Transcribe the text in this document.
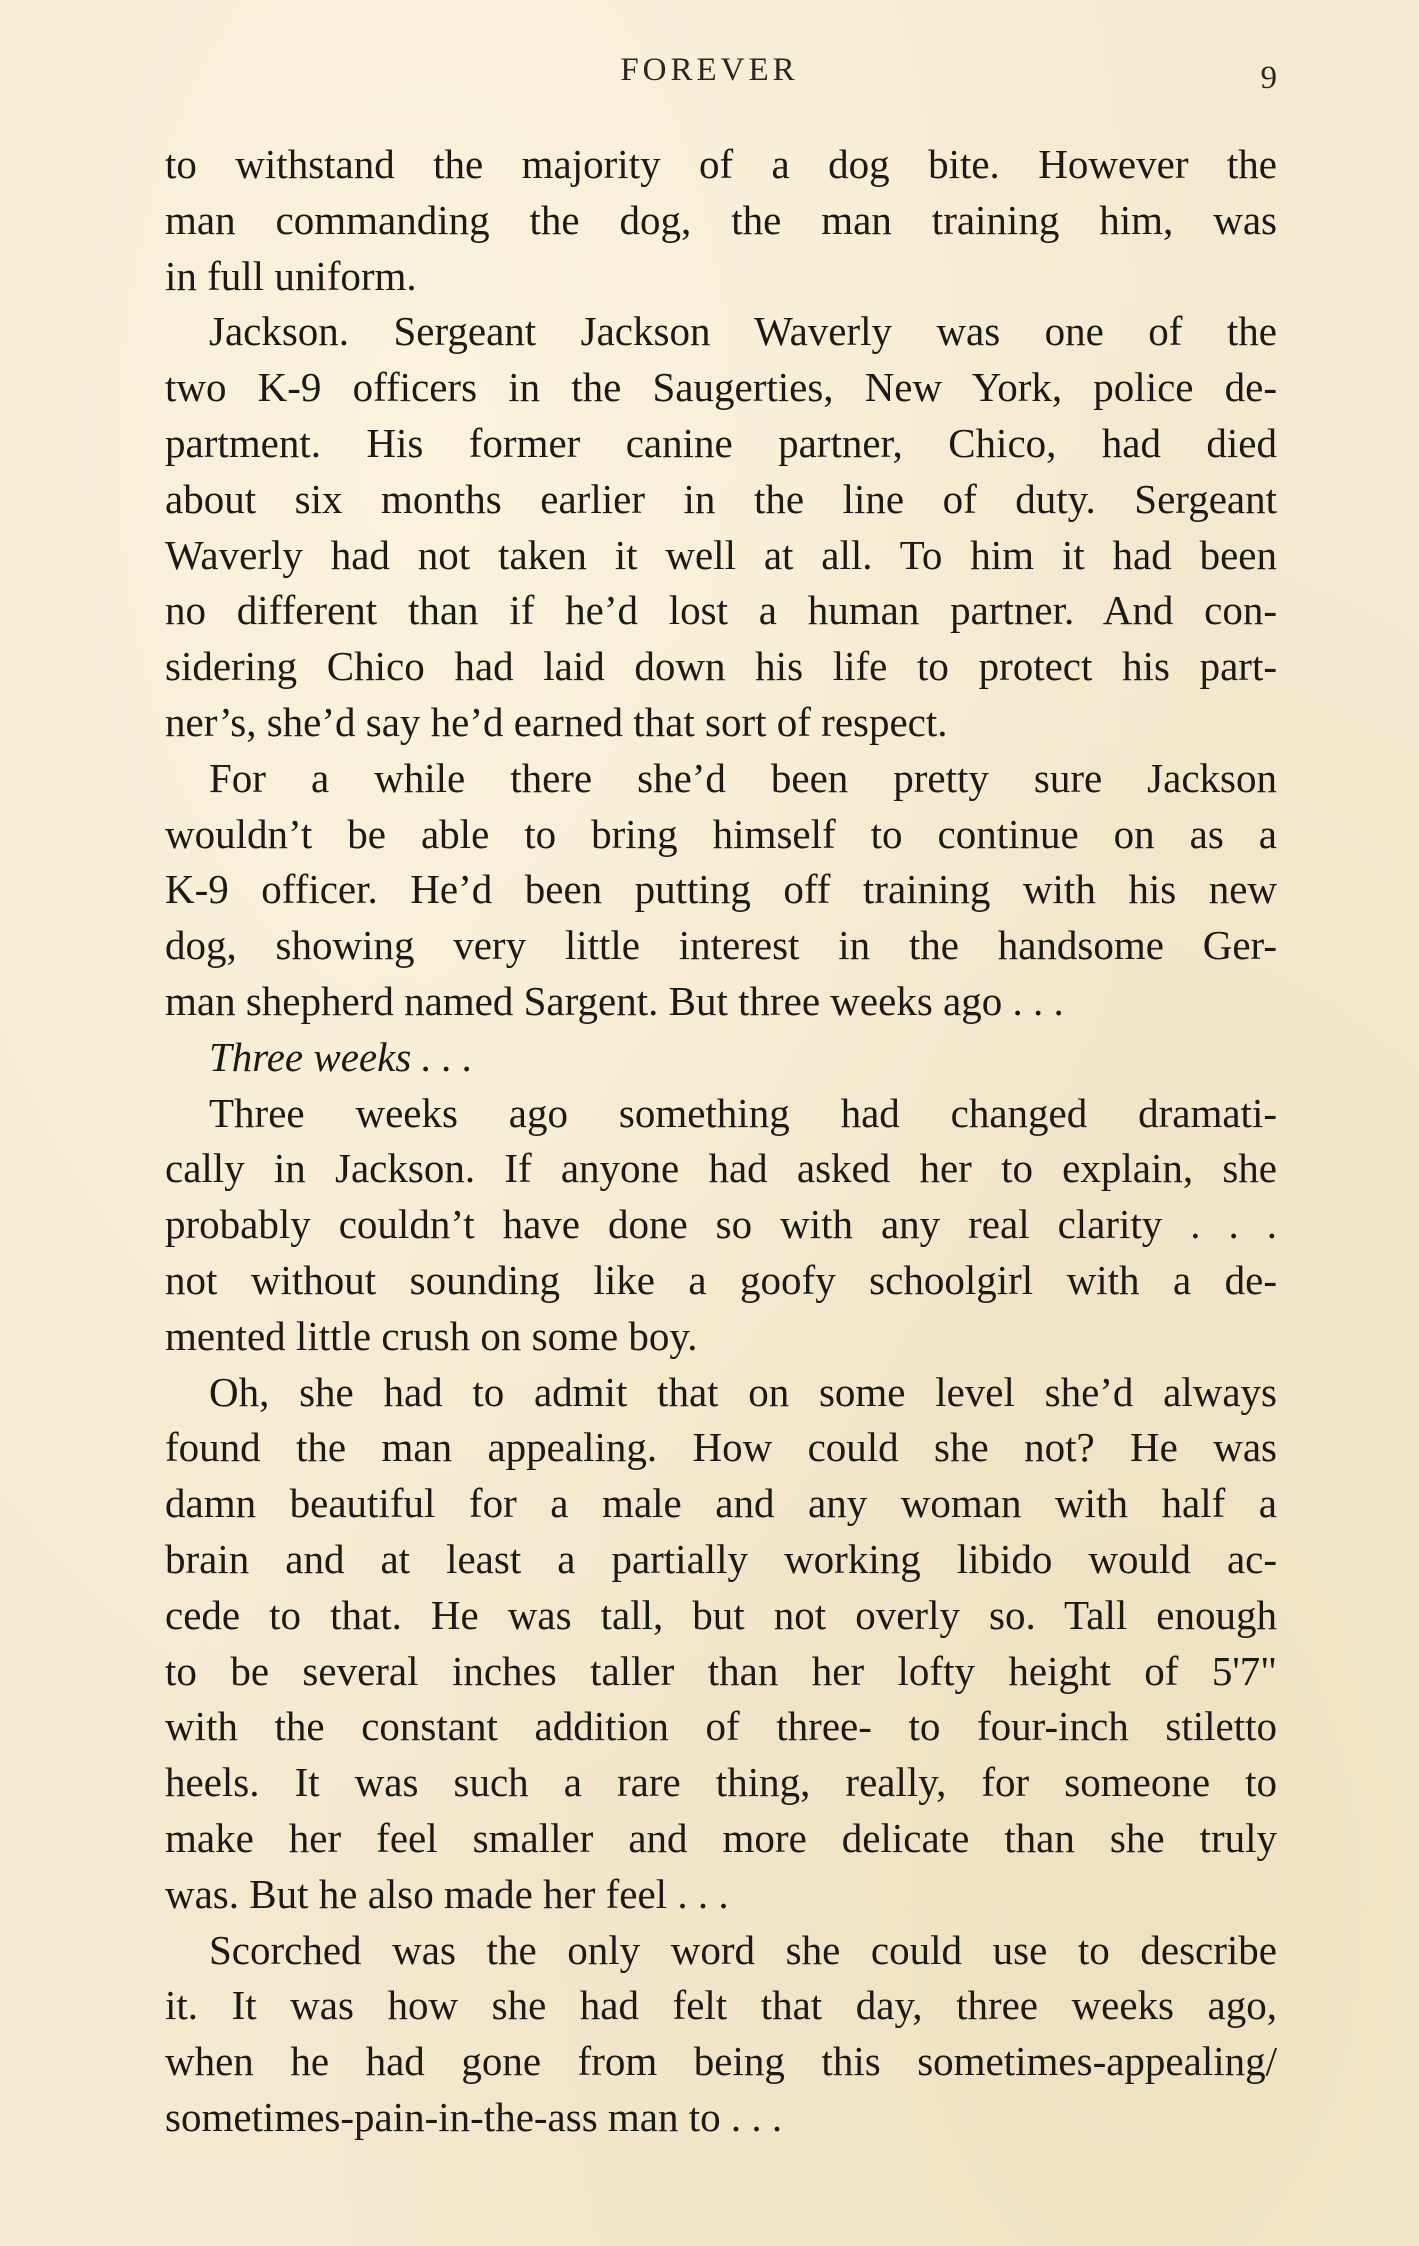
FOREVER	9

to withstand the majority of a dog bite. However the
man commanding the dog, the man training him, was
in full uniform.

Jackson. Sergeant Jackson Waverly was one of the
two K-9 officers in the Saugerties, New York, police de-
partment. His former canine partner, Chico, had died
about six months earlier in the line of duty. Sergeant
Waverly had not taken it well at all. To him it had been
no different than if he’d lost a human partner. And con-
sidering Chico had laid down his life to protect his part-
ner’s, she’d say he’d earned that sort of respect.

For a while there she’d been pretty sure Jackson
wouldn’t be able to bring himself to continue on as a
K-9 officer. He’d been putting off training with his new
dog, showing very little interest in the handsome Ger-
man shepherd named Sargent. But three weeks ago . . .

Three weeks . . .

Three weeks ago something had changed dramati-
cally in Jackson. If anyone had asked her to explain, she
probably couldn’t have done so with any real clarity . . .
not without sounding like a goofy schoolgirl with a de-
mented little crush on some boy.

Oh, she had to admit that on some level she’d always
found the man appealing. How could she not? He was
damn beautiful for a male and any woman with half a
brain and at least a partially working libido would ac-
cede to that. He was tall, but not overly so. Tall enough
to be several inches taller than her lofty height of 5'7"
with the constant addition of three- to four-inch stiletto
heels. It was such a rare thing, really, for someone to
make her feel smaller and more delicate than she truly
was. But he also made her feel . . .

Scorched was the only word she could use to describe
it. It was how she had felt that day, three weeks ago,
when he had gone from being this sometimes-appealing/
sometimes-pain-in-the-ass man to . . .
